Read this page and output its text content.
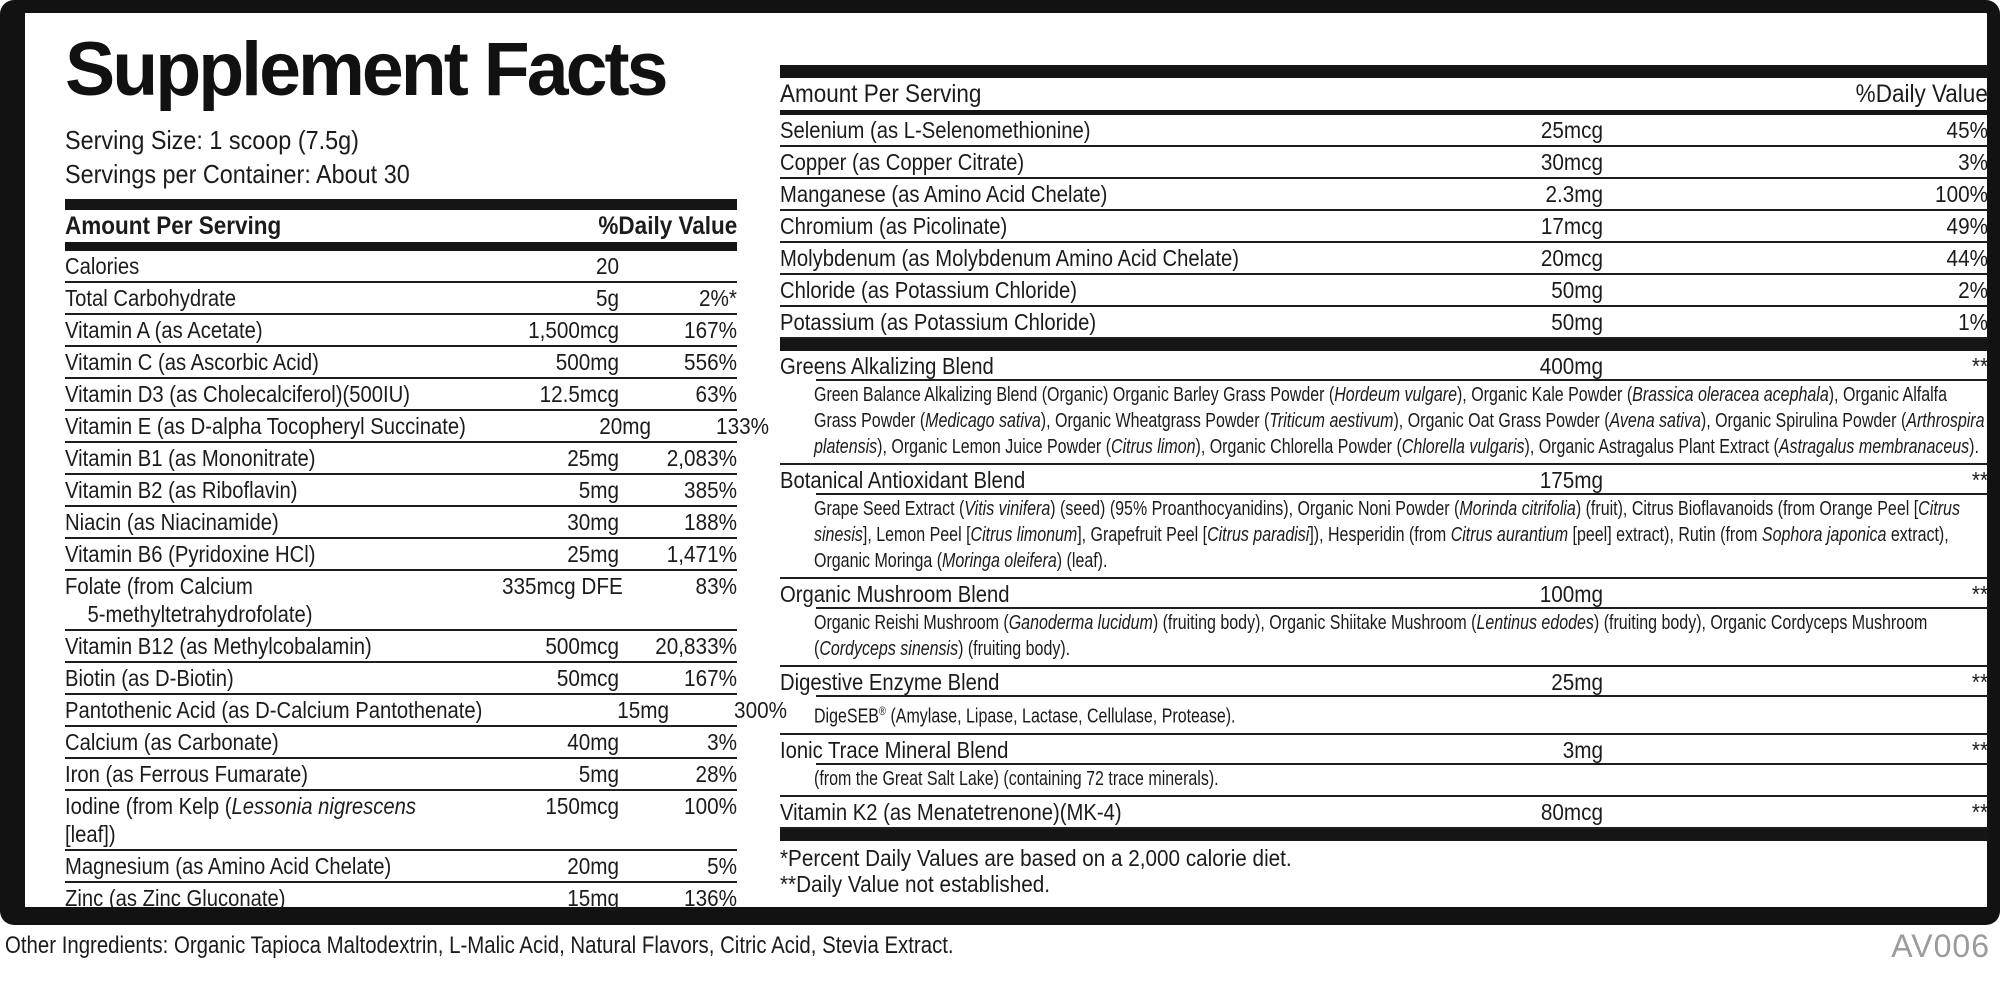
Supplement Facts
Serving Size: 1 scoop (7.5g)
Servings per Container: About 30
Amount Per Serving	%Daily Value
Calories	20
Total Carbohydrate	5g	2%*
Vitamin A (as Acetate)	1,500mcg	167%
Vitamin C (as Ascorbic Acid)	500mg	556%
Vitamin D3 (as Cholecalciferol)(500IU)	12.5mcg	63%
Vitamin E (as D-alpha Tocopheryl Succinate)	20mg	133%
Vitamin B1 (as Mononitrate)	25mg	2,083%
Vitamin B2 (as Riboflavin)	5mg	385%
Niacin (as Niacinamide)	30mg	188%
Vitamin B6 (Pyridoxine HCl)	25mg	1,471%
Folate (from Calcium
5-methyltetrahydrofolate)
335mcg DFE	83%
Vitamin B12 (as Methylcobalamin)	500mcg	20,833%
Biotin (as D-Biotin)	50mcg	167%
Pantothenic Acid (as D-Calcium Pantothenate)	15mg	300%
Calcium (as Carbonate)	40mg	3%
Iron (as Ferrous Fumarate)	5mg	28%
Iodine (from Kelp (Lessonia nigrescens [leaf])
150mcg	100%
Magnesium (as Amino Acid Chelate)	20mg	5%
Zinc (as Zinc Gluconate)	15mg	136%
Amount Per Serving	%Daily Value
Selenium (as L-Selenomethionine)	25mcg	45%
Copper (as Copper Citrate)	30mcg	3%
Manganese (as Amino Acid Chelate)	2.3mg	100%
Chromium (as Picolinate)	17mcg	49%
Molybdenum (as Molybdenum Amino Acid Chelate)	20mcg	44%
Chloride (as Potassium Chloride)	50mg	2%
Potassium (as Potassium Chloride)	50mg	1%
Greens Alkalizing Blend	400mg	**
Green Balance Alkalizing Blend (Organic) Organic Barley Grass Powder (Hordeum vulgare), Organic Kale Powder (Brassica oleracea acephala), Organic Alfalfa Grass Powder (Medicago sativa), Organic Wheatgrass Powder (Triticum aestivum), Organic Oat Grass Powder (Avena sativa), Organic Spirulina Powder (Arthrospira platensis), Organic Lemon Juice Powder (Citrus limon), Organic Chlorella Powder (Chlorella vulgaris), Organic Astragalus Plant Extract (Astragalus membranaceus).
Botanical Antioxidant Blend	175mg	**
Grape Seed Extract (Vitis vinifera) (seed) (95% Proanthocyanidins), Organic Noni Powder (Morinda citrifolia) (fruit), Citrus Bioflavanoids (from Orange Peel [Citrus sinesis], Lemon Peel [Citrus limonum], Grapefruit Peel [Citrus paradisi]), Hesperidin (from Citrus aurantium [peel] extract), Rutin (from Sophora japonica extract), Organic Moringa (Moringa oleifera) (leaf).
Organic Mushroom Blend	100mg	**
Organic Reishi Mushroom (Ganoderma lucidum) (fruiting body), Organic Shiitake Mushroom (Lentinus edodes) (fruiting body), Organic Cordyceps Mushroom (Cordyceps sinensis) (fruiting body).
Digestive Enzyme Blend	25mg	**
DigeSEB® (Amylase, Lipase, Lactase, Cellulase, Protease).
Ionic Trace Mineral Blend	3mg	**
(from the Great Salt Lake) (containing 72 trace minerals).
Vitamin K2 (as Menatetrenone)(MK-4)	80mcg	**
*Percent Daily Values are based on a 2,000 calorie diet.
**Daily Value not established.
Other Ingredients: Organic Tapioca Maltodextrin, L-Malic Acid, Natural Flavors, Citric Acid, Stevia Extract.	AV006
